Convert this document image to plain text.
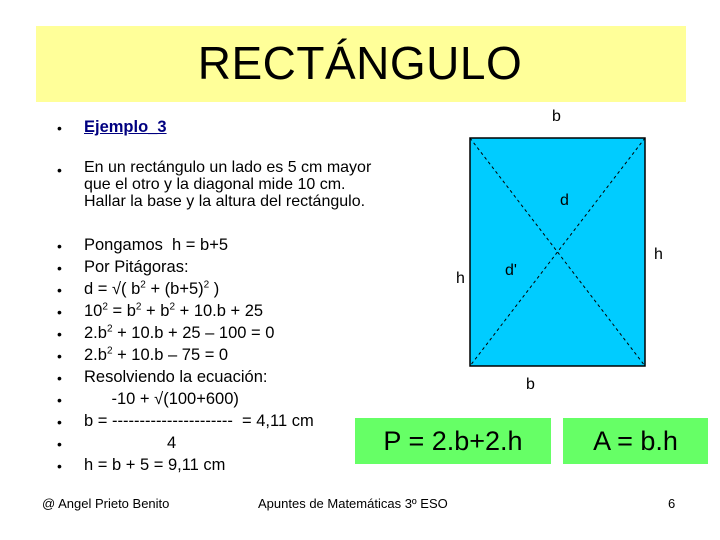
RECTÁNGULO
•
•
•
•
•
•
•
•
•
•
•
•
•
Ejemplo_3
En un rectángulo un lado es 5 cm mayor
que el otro y la diagonal mide 10 cm.
Hallar la base y la altura del rectángulo.
Pongamos  h = b+5
Por Pitágoras:
d = √( $b^2 + (b+5)^2$ )
$10^2 = b^2 + b^2 + 10.b + 25$
$2.b^2 + 10.b + 25 - 100 = 0$
$2.b^2 + 10.b - 75 = 0$
Resolviendo la ecuación:
-10 + √(100+600)
b = ----------------------  = 4,11 cm
4
h = b + 5 = 9,11 cm
b
d
h
h	d'
b
P = 2.b+2.h	A = b.h
@ Angel Prieto Benito	Apuntes de Matemáticas 3º ESO	6
